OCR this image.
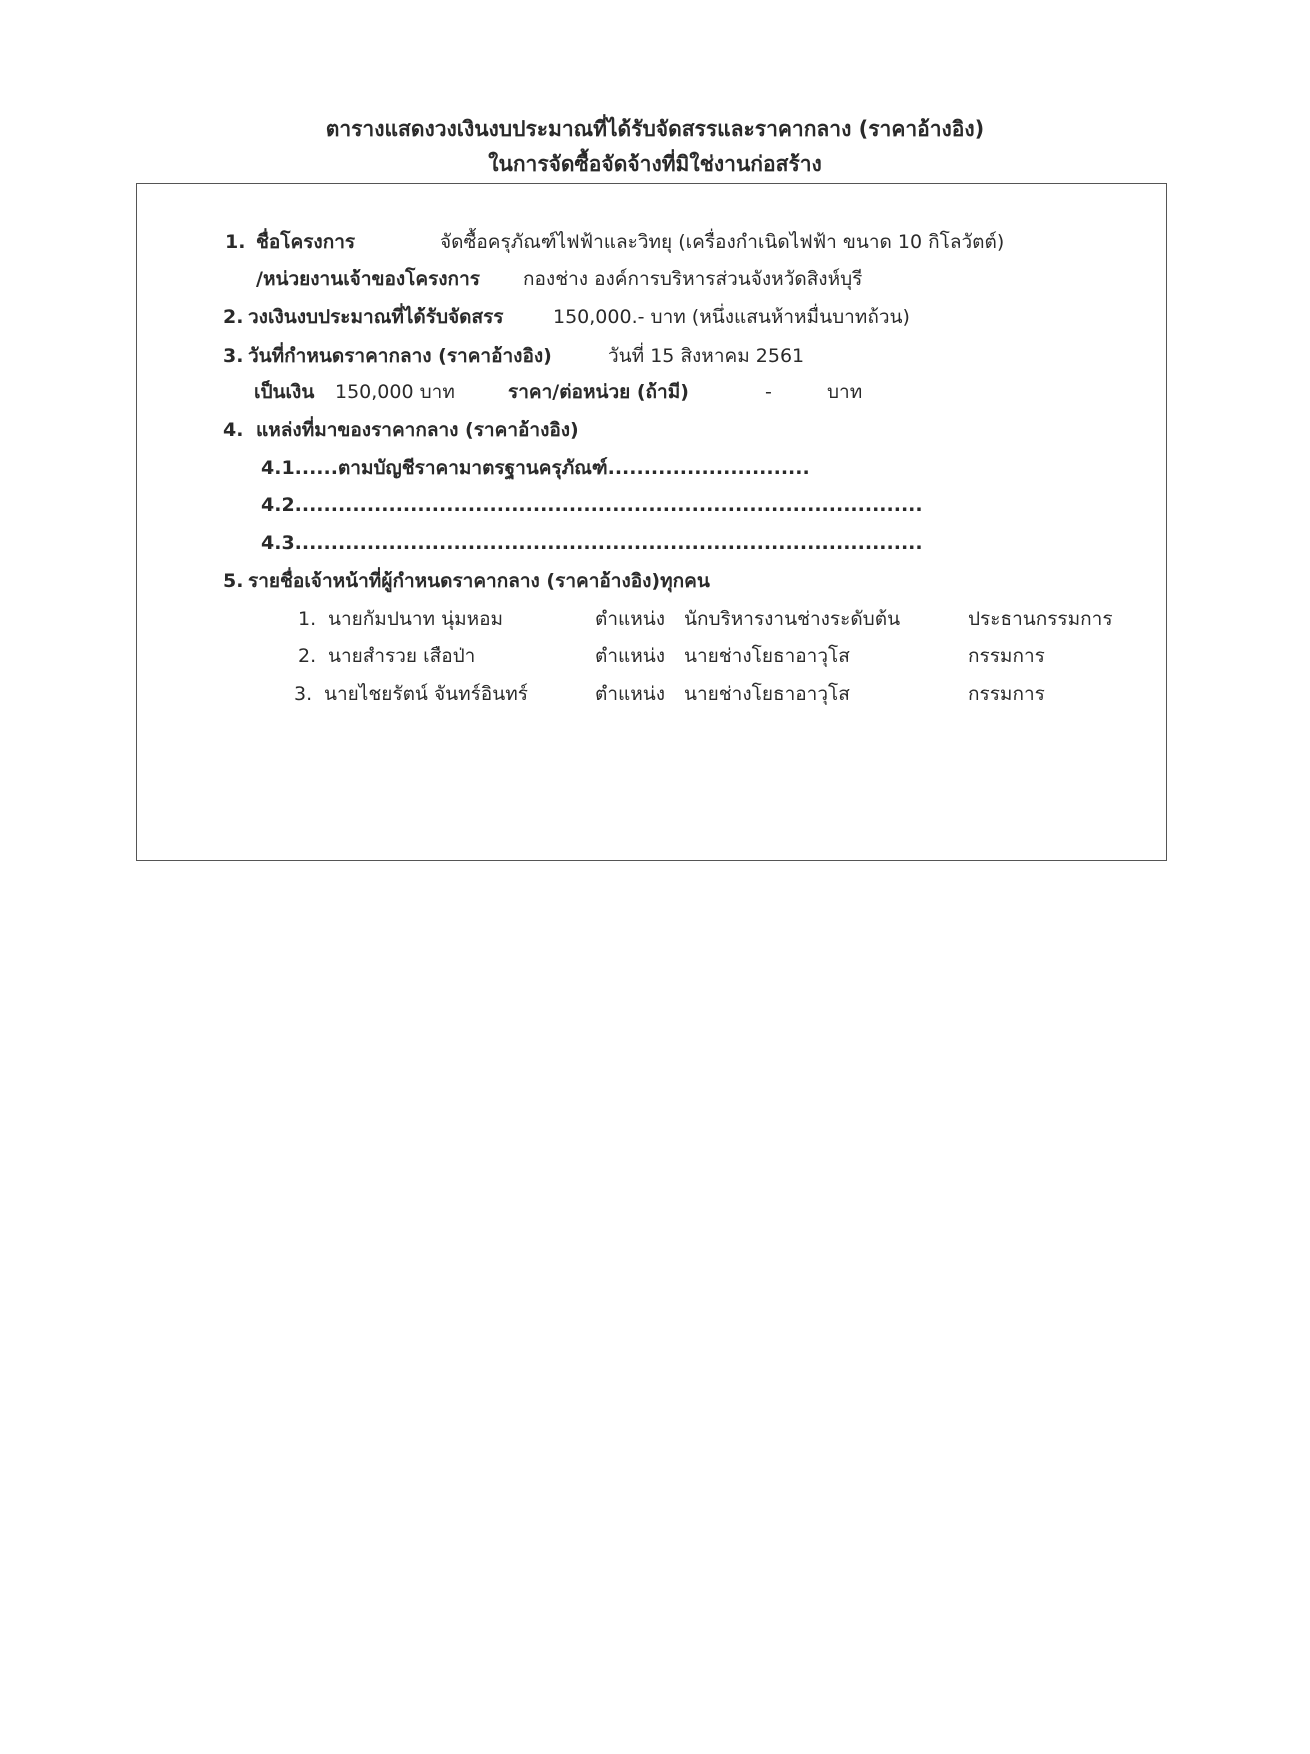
ตารางแสดงวงเงินงบประมาณที่ได้รับจัดสรรและราคากลาง (ราคาอ้างอิง)
ในการจัดซื้อจัดจ้างที่มิใช่งานก่อสร้าง
1. ชื่อโครงการ	จัดซื้อครุภัณฑ์ไฟฟ้าและวิทยุ (เครื่องกำเนิดไฟฟ้า ขนาด 10 กิโลวัตต์)
/หน่วยงานเจ้าของโครงการ กองช่าง องค์การบริหารส่วนจังหวัดสิงห์บุรี
2. วงเงินงบประมาณที่ได้รับจัดสรร	150,000.- บาท (หนึ่งแสนห้าหมื่นบาทถ้วน)
3. วันที่กำหนดราคากลาง (ราคาอ้างอิง)	วันที่ 15 สิงหาคม 2561
เป็นเงิน 150,000 บาท	ราคา/ต่อหน่วย (ถ้ามี)	-	บาท
4. แหล่งที่มาของราคากลาง (ราคาอ้างอิง)
4.1......ตามบัญชีราคามาตรฐานครุภัณฑ์............................
4.2.......................................................................................
4.3.......................................................................................
5. รายชื่อเจ้าหน้าที่ผู้กำหนดราคากลาง (ราคาอ้างอิง)ทุกคน
1. นายกัมปนาท นุ่มหอม	ตำแหน่ง นักบริหารงานช่างระดับต้น	ประธานกรรมการ
2. นายสำรวย เสือป่า	ตำแหน่ง นายช่างโยธาอาวุโส	กรรมการ
3. นายไชยรัตน์ จันทร์อินทร์	ตำแหน่ง นายช่างโยธาอาวุโส	กรรมการ
